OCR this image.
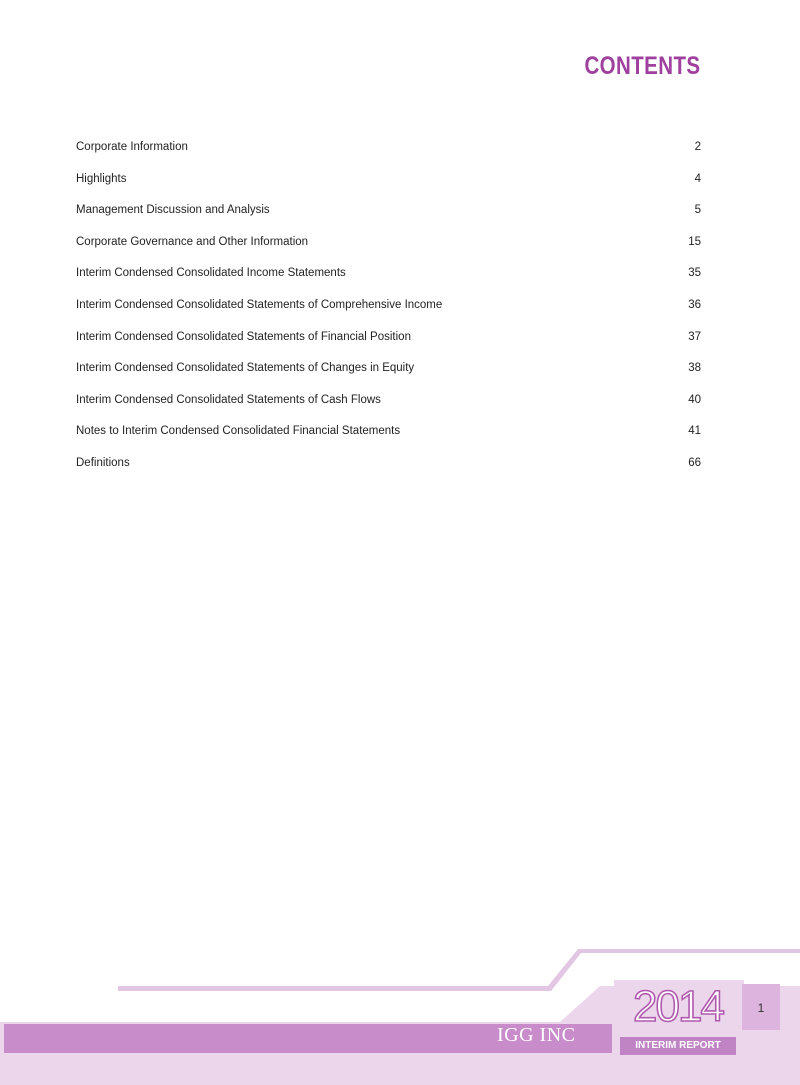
CONTENTS
Corporate Information	2
Highlights	4
Management Discussion and Analysis	5
Corporate Governance and Other Information	15
Interim Condensed Consolidated Income Statements	35
Interim Condensed Consolidated Statements of Comprehensive Income	36
Interim Condensed Consolidated Statements of Financial Position	37
Interim Condensed Consolidated Statements of Changes in Equity	38
Interim Condensed Consolidated Statements of Cash Flows	40
Notes to Interim Condensed Consolidated Financial Statements	41
Definitions	66
IGG INC
2014
INTERIM REPORT
1
